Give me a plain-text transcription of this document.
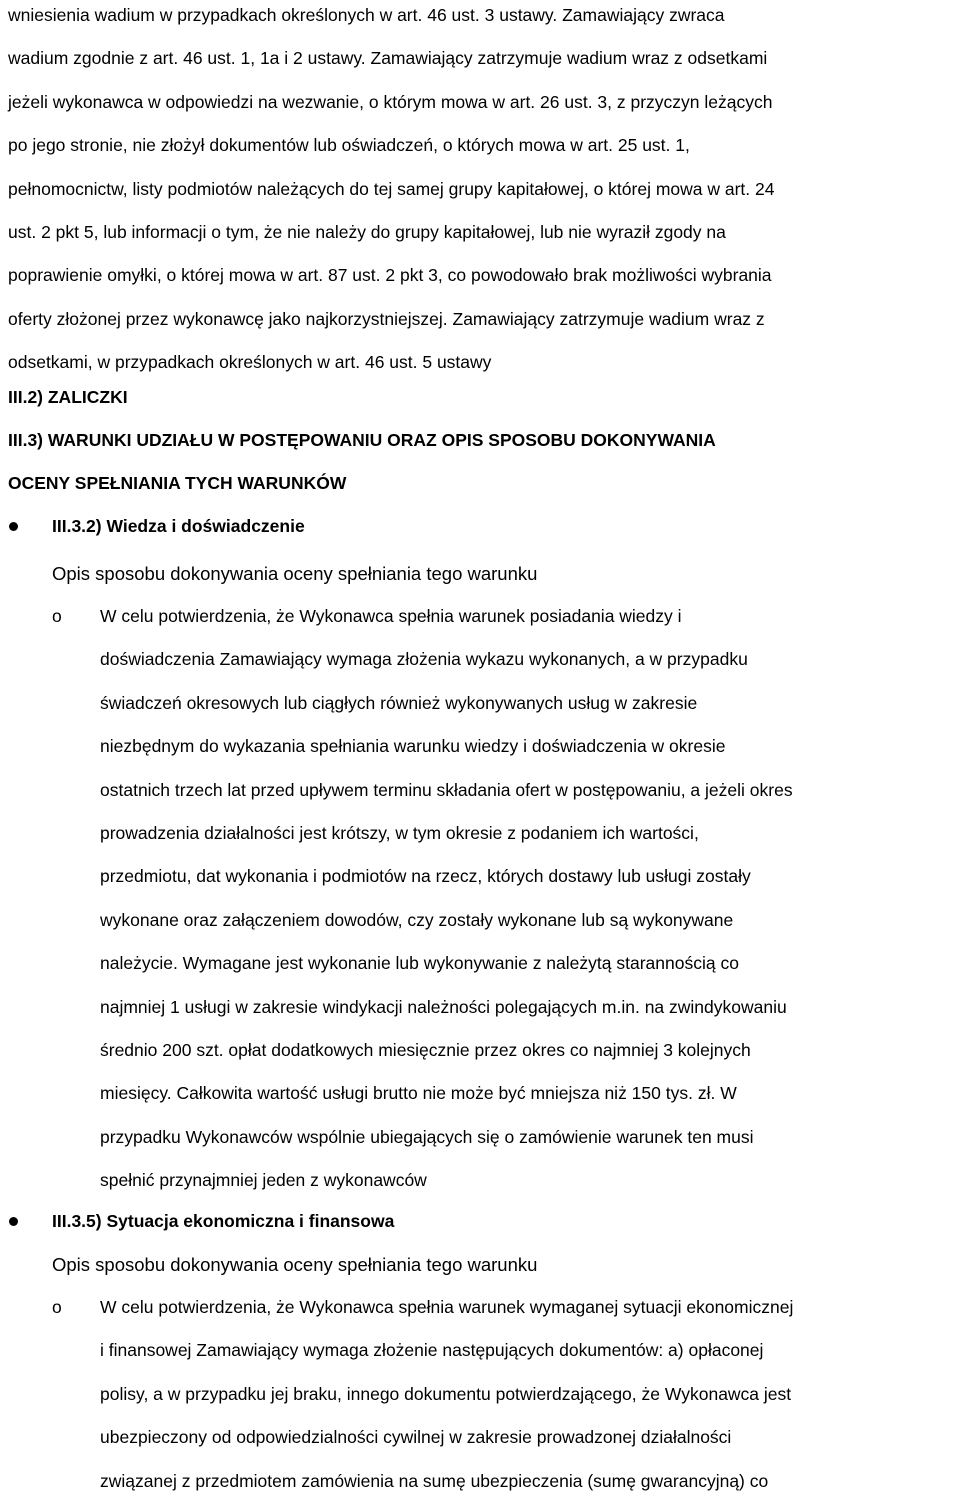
wniesienia wadium w przypadkach określonych w art. 46 ust. 3 ustawy. Zamawiający zwraca
wadium zgodnie z art. 46 ust. 1, 1a i 2 ustawy. Zamawiający zatrzymuje wadium wraz z odsetkami
jeżeli wykonawca w odpowiedzi na wezwanie, o którym mowa w art. 26 ust. 3, z przyczyn leżących
po jego stronie, nie złożył dokumentów lub oświadczeń, o których mowa w art. 25 ust. 1,
pełnomocnictw, listy podmiotów należących do tej samej grupy kapitałowej, o której mowa w art. 24
ust. 2 pkt 5, lub informacji o tym, że nie należy do grupy kapitałowej, lub nie wyraził zgody na
poprawienie omyłki, o której mowa w art. 87 ust. 2 pkt 3, co powodowało brak możliwości wybrania
oferty złożonej przez wykonawcę jako najkorzystniejszej. Zamawiający zatrzymuje wadium wraz z
odsetkami, w przypadkach określonych w art. 46 ust. 5 ustawy
III.2) ZALICZKI
III.3) WARUNKI UDZIAŁU W POSTĘPOWANIU ORAZ OPIS SPOSOBU DOKONYWANIA
OCENY SPEŁNIANIA TYCH WARUNKÓW
III.3.2) Wiedza i doświadczenie
Opis sposobu dokonywania oceny spełniania tego warunku
o W celu potwierdzenia, że Wykonawca spełnia warunek posiadania wiedzy i
doświadczenia Zamawiający wymaga złożenia wykazu wykonanych, a w przypadku
świadczeń okresowych lub ciągłych również wykonywanych usług w zakresie
niezbędnym do wykazania spełniania warunku wiedzy i doświadczenia w okresie
ostatnich trzech lat przed upływem terminu składania ofert w postępowaniu, a jeżeli okres
prowadzenia działalności jest krótszy, w tym okresie z podaniem ich wartości,
przedmiotu, dat wykonania i podmiotów na rzecz, których dostawy lub usługi zostały
wykonane oraz załączeniem dowodów, czy zostały wykonane lub są wykonywane
należycie. Wymagane jest wykonanie lub wykonywanie z należytą starannością co
najmniej 1 usługi w zakresie windykacji należności polegających m.in. na zwindykowaniu
średnio 200 szt. opłat dodatkowych miesięcznie przez okres co najmniej 3 kolejnych
miesięcy. Całkowita wartość usługi brutto nie może być mniejsza niż 150 tys. zł. W
przypadku Wykonawców wspólnie ubiegających się o zamówienie warunek ten musi
spełnić przynajmniej jeden z wykonawców
III.3.5) Sytuacja ekonomiczna i finansowa
Opis sposobu dokonywania oceny spełniania tego warunku
o W celu potwierdzenia, że Wykonawca spełnia warunek wymaganej sytuacji ekonomicznej
i finansowej Zamawiający wymaga złożenie następujących dokumentów: a) opłaconej
polisy, a w przypadku jej braku, innego dokumentu potwierdzającego, że Wykonawca jest
ubezpieczony od odpowiedzialności cywilnej w zakresie prowadzonej działalności
związanej z przedmiotem zamówienia na sumę ubezpieczenia (sumę gwarancyjną) co
